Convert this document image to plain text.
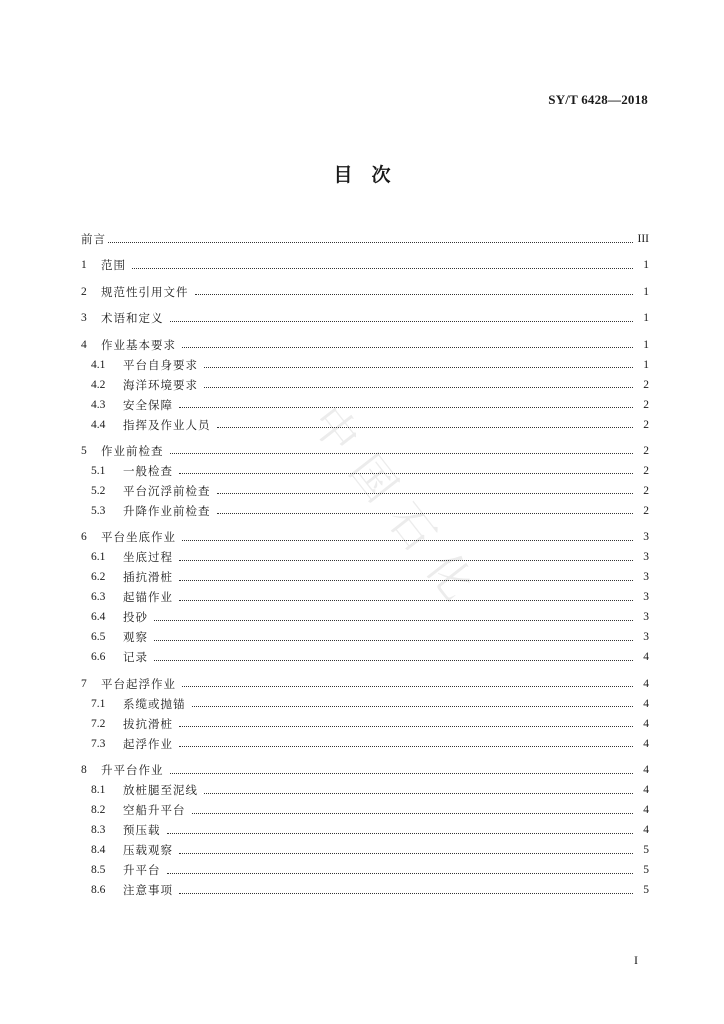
SY/T 6428—2018
目　次
中国石化
前言	III
1	范围	1
2	规范性引用文件	1
3	术语和定义	1
4	作业基本要求	1
4.1	平台自身要求	1
4.2	海洋环境要求	2
4.3	安全保障	2
4.4	指挥及作业人员	2
5	作业前检查	2
5.1	一般检查	2
5.2	平台沉浮前检查	2
5.3	升降作业前检查	2
6	平台坐底作业	3
6.1	坐底过程	3
6.2	插抗滑桩	3
6.3	起锚作业	3
6.4	投砂	3
6.5	观察	3
6.6	记录	4
7	平台起浮作业	4
7.1	系缆或抛锚	4
7.2	拔抗滑桩	4
7.3	起浮作业	4
8	升平台作业	4
8.1	放桩腿至泥线	4
8.2	空船升平台	4
8.3	预压载	4
8.4	压载观察	5
8.5	升平台	5
8.6	注意事项	5
I
